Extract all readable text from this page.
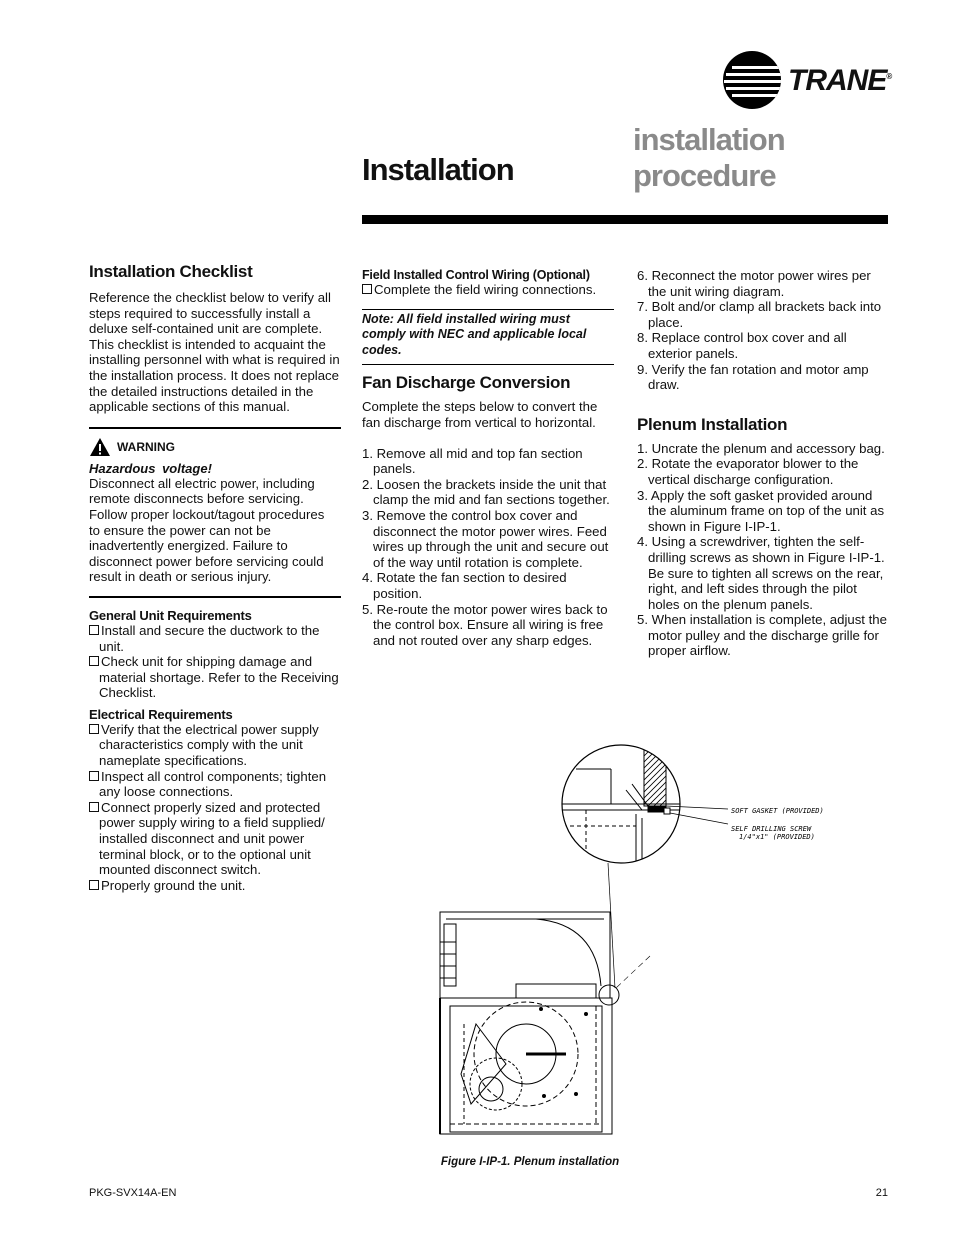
TRANE®
installation procedure
Installation
Installation Checklist
Reference the checklist below to verify all steps required to successfully install a deluxe self-contained unit are complete. This checklist is intended to acquaint the installing personnel with what is required in the installation process. It does not replace the detailed instructions detailed in the applicable sections of this manual.
WARNING
Hazardous voltage!
Disconnect all electric power, including remote disconnects before servicing. Follow proper lockout/tagout procedures to ensure the power can not be inadvertently energized. Failure to disconnect power before servicing could result in death or serious injury.
General Unit Requirements
Install and secure the ductwork to the unit.
Check unit for shipping damage and material shortage. Refer to the Receiving Checklist.
Electrical Requirements
Verify that the electrical power supply characteristics comply with the unit nameplate specifications.
Inspect all control components; tighten any loose connections.
Connect properly sized and protected power supply wiring to a field supplied/ installed disconnect and unit power terminal block, or to the optional unit mounted disconnect switch.
Properly ground the unit.
Field Installed Control Wiring (Optional)
Complete the field wiring connections.
Note: All field installed wiring must comply with NEC and applicable local codes.
Fan Discharge Conversion
Complete the steps below to convert the fan discharge from vertical to horizontal.
1. Remove all mid and top fan section panels.
2. Loosen the brackets inside the unit that clamp the mid and fan sections together.
3. Remove the control box cover and disconnect the motor power wires. Feed wires up through the unit and secure out of the way until rotation is complete.
4. Rotate the fan section to desired position.
5. Re-route the motor power wires back to the control box. Ensure all wiring is free and not routed over any sharp edges.
6. Reconnect the motor power wires per the unit wiring diagram.
7. Bolt and/or clamp all brackets back into place.
8. Replace control box cover and all exterior panels.
9. Verify the fan rotation and motor amp draw.
Plenum Installation
1. Uncrate the plenum and accessory bag.
2. Rotate the evaporator blower to the vertical discharge configuration.
3. Apply the soft gasket provided around the aluminum frame on top of the unit as shown in Figure I-IP-1.
4. Using a screwdriver, tighten the self-drilling screws as shown in Figure I-IP-1. Be sure to tighten all screws on the rear, right, and left sides through the pilot holes on the plenum panels.
5. When installation is complete, adjust the motor pulley and the discharge grille for proper airflow.
SOFT GASKET (PROVIDED)
SELF DRILLING SCREW
1/4"x1" (PROVIDED)
Figure I-IP-1. Plenum installation
PKG-SVX14A-EN	21
